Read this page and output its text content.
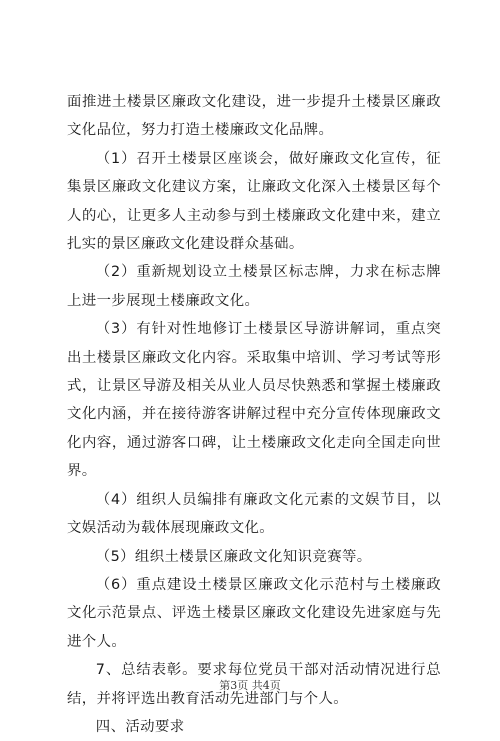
面推进土楼景区廉政文化建设，进一步提升土楼景区廉政文化品位，努力打造土楼廉政文化品牌。

（1）召开土楼景区座谈会，做好廉政文化宣传，征集景区廉政文化建议方案，让廉政文化深入土楼景区每个人的心，让更多人主动参与到土楼廉政文化建中来，建立扎实的景区廉政文化建设群众基础。

（2）重新规划设立土楼景区标志牌，力求在标志牌上进一步展现土楼廉政文化。

（3）有针对性地修订土楼景区导游讲解词，重点突出土楼景区廉政文化内容。采取集中培训、学习考试等形式，让景区导游及相关从业人员尽快熟悉和掌握土楼廉政文化内涵，并在接待游客讲解过程中充分宣传体现廉政文化内容，通过游客口碑，让土楼廉政文化走向全国走向世界。

（4）组织人员编排有廉政文化元素的文娱节目，以文娱活动为载体展现廉政文化。

（5）组织土楼景区廉政文化知识竞赛等。

（6）重点建设土楼景区廉政文化示范村与土楼廉政文化示范景点、评选土楼景区廉政文化建设先进家庭与先进个人。

7、总结表彰。要求每位党员干部对活动情况进行总结，并将评选出教育活动先进部门与个人。

四、活动要求

第3页 共4页
